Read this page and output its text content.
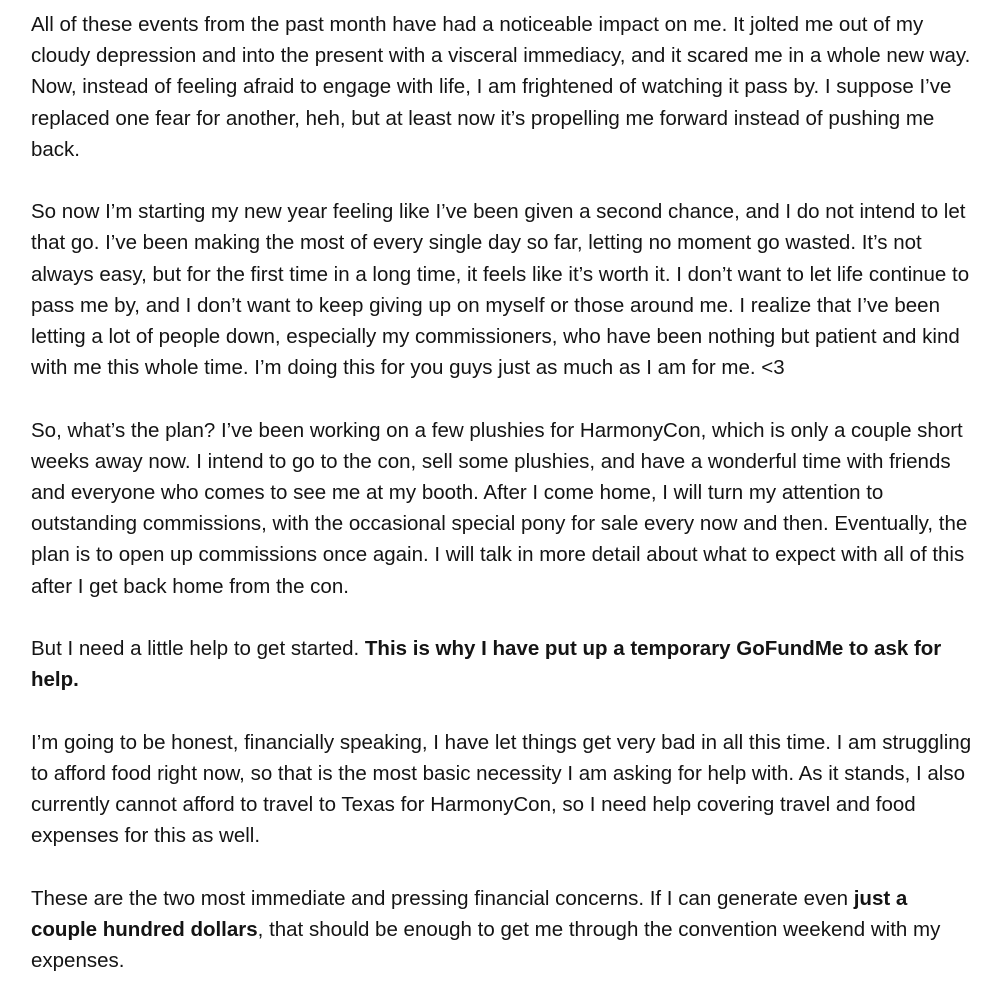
All of these events from the past month have had a noticeable impact on me. It jolted me out of my cloudy depression and into the present with a visceral immediacy, and it scared me in a whole new way. Now, instead of feeling afraid to engage with life, I am frightened of watching it pass by. I suppose I’ve replaced one fear for another, heh, but at least now it’s propelling me forward instead of pushing me back.

So now I’m starting my new year feeling like I’ve been given a second chance, and I do not intend to let that go. I’ve been making the most of every single day so far, letting no moment go wasted. It’s not always easy, but for the first time in a long time, it feels like it’s worth it. I don’t want to let life continue to pass me by, and I don’t want to keep giving up on myself or those around me. I realize that I’ve been letting a lot of people down, especially my commissioners, who have been nothing but patient and kind with me this whole time. I’m doing this for you guys just as much as I am for me. <3

So, what’s the plan? I’ve been working on a few plushies for HarmonyCon, which is only a couple short weeks away now. I intend to go to the con, sell some plushies, and have a wonderful time with friends and everyone who comes to see me at my booth. After I come home, I will turn my attention to outstanding commissions, with the occasional special pony for sale every now and then. Eventually, the plan is to open up commissions once again. I will talk in more detail about what to expect with all of this after I get back home from the con.

But I need a little help to get started. This is why I have put up a temporary GoFundMe to ask for help.

I’m going to be honest, financially speaking, I have let things get very bad in all this time. I am struggling to afford food right now, so that is the most basic necessity I am asking for help with. As it stands, I also currently cannot afford to travel to Texas for HarmonyCon, so I need help covering travel and food expenses for this as well.

These are the two most immediate and pressing financial concerns. If I can generate even just a couple hundred dollars, that should be enough to get me through the convention weekend with my expenses.
